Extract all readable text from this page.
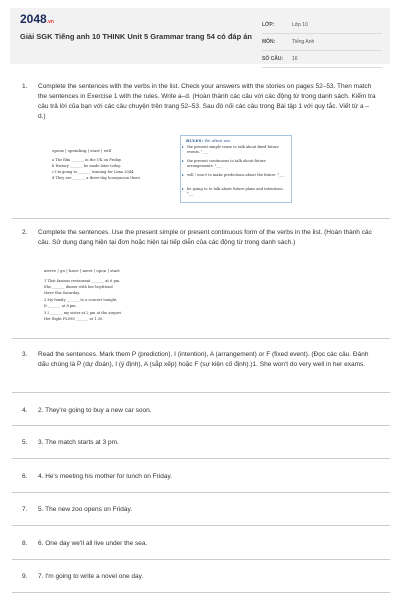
2048.vn
Giải SGK Tiếng anh 10 THINK Unit 5 Grammar trang 54 có đáp án
LỚP:	Lớp 10
MÔN:	Tiếng Anh
SỐ CÂU: 16
1. Complete the sentences with the verbs in the list. Check your answers with the stories on pages 52–53. Then match the sentences in Exercise 1 with the rules. Write a–d. (Hoàn thành các câu với các động từ trong danh sách. Kiểm tra câu trả lời của bạn với các câu chuyện trên trang 52–53. Sau đó nối các câu trong Bài tập 1 với quy tắc. Viết từ a – d.)
opens | spending | start | will
a The film _______ in the UK on Friday.
b History _______ be made later today.
c I'm going to _______ training for Lima 2044.
d They are _______ a three-day honeymoon there.
RULES: We often use
▸ the present simple tense to talk about fixed future events. ¹___
▸ the present continuous to talk about future arrangements. ²___
▸ will / won't to make predictions about the future. ³___
▸ be going to to talk about future plans and intentions. ⁴___
2. Complete the sentences. Use the present simple or present continuous form of the verbs in the list. (Hoàn thành các câu. Sử dụng dạng hiện tại đơn hoặc hiện tại tiếp diễn của các động từ trong danh sách.)
arrive | go | have | meet | open | start
1 That famous restaurant _______ at 6 pm.
She _______ dinner with her boyfriend
there this Saturday.
2 My family _______ to a concert tonight.
It _______ at 8 pm.
3 I _______ my sister at 2 pm at the airport.
Her flight FL098 _______ at 1.30.
3. Read the sentences. Mark them P (prediction), I (intention), A (arrangement) or F (fixed event). (Đọc các câu. Đánh dấu chúng là P (dự đoán), I (ý định), A (sắp xếp) hoặc F (sự kiện cố định).)1. She won't do very well in her exams.
4. 2. They're going to buy a new car soon.
5. 3. The match starts at 3 pm.
6. 4. He's meeting his mother for lunch on Friday.
7. 5. The new zoo opens on Friday.
8. 6. One day we'll all live under the sea.
9. 7. I'm going to write a novel one day.
